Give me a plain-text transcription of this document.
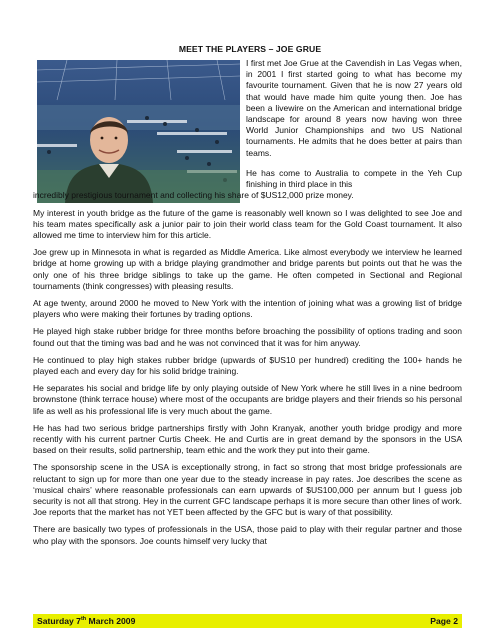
MEET THE PLAYERS – JOE GRUE

I first met Joe Grue at the Cavendish in Las Vegas when, in 2001 I first started going to what has become my favourite tournament. Given that he is now 27 years old that would have made him quite young then. Joe has been a livewire on the American and international bridge landscape for around 8 years now having won three World Junior Championships and two US National tournaments. He admits that he does better at pairs than teams.

He has come to Australia to compete in the Yeh Cup finishing in third place in this
incredibly prestigious tournament and collecting his share of $US12,000 prize money.

My interest in youth bridge as the future of the game is reasonably well known so I was delighted to see Joe and his team mates specifically ask a junior pair to join their world class team for the Gold Coast tournament. It also allowed me time to interview him for this article.

Joe grew up in Minnesota in what is regarded as Middle America. Like almost everybody we interview he learned bridge at home growing up with a bridge playing grandmother and bridge parents but points out that he was the only one of his three bridge siblings to take up the game. He often competed in Sectional and Regional tournaments (think congresses) with pleasing results.

At age twenty, around 2000 he moved to New York with the intention of joining what was a growing list of bridge players who were making their fortunes by trading options.

He played high stake rubber bridge for three months before broaching the possibility of options trading and soon found out that the timing was bad and he was not convinced that it was for him anyway.

He continued to play high stakes rubber bridge (upwards of $US10 per hundred) crediting the 100+ hands he played each and every day for his solid bridge training.

He separates his social and bridge life by only playing outside of New York where he still lives in a nine bedroom brownstone (think terrace house) where most of the occupants are bridge players and their friends so his personal life as well as his professional life is very much about the game.

He has had two serious bridge partnerships firstly with John Kranyak, another youth bridge prodigy and more recently with his current partner Curtis Cheek. He and Curtis are in great demand by the sponsors in the USA based on their results, solid partnership, team ethic and the work they put into their game.

The sponsorship scene in the USA is exceptionally strong, in fact so strong that most bridge professionals are reluctant to sign up for more than one year due to the steady increase in pay rates. Joe describes the scene as ‘musical chairs’ where reasonable professionals can earn upwards of $US100,000 per annum but I guess job security is not all that strong. Hey in the current GFC landscape perhaps it is more secure than other lines of work. Joe reports that the market has not YET been affected by the GFC but is wary of that possibility.

There are basically two types of professionals in the USA, those paid to play with their regular partner and those who play with the sponsors. Joe counts himself very lucky that

Saturday 7th March 2009	Page 2
